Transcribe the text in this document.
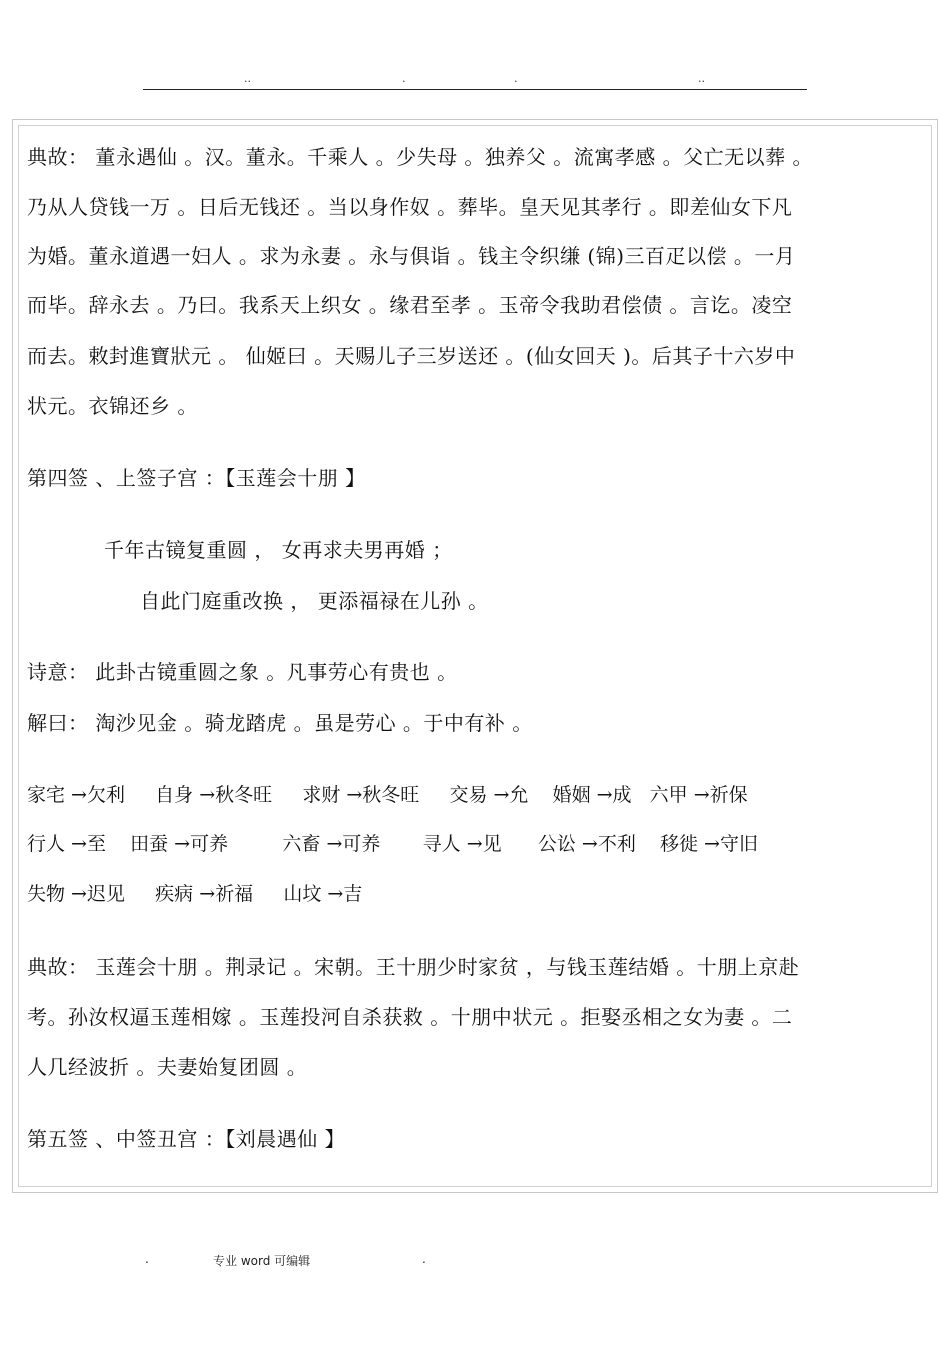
..	.	.	..
典故： 董永遇仙 。汉。董永。千乘人 。少失母 。独养父 。流寓孝感 。父亡无以葬 。
乃从人贷钱一万 。日后无钱还 。当以身作奴 。葬毕。皇天见其孝行 。即差仙女下凡
为婚。董永道遇一妇人 。求为永妻 。永与俱诣 。钱主令织缣 (锦)三百疋以偿 。一月
而毕。辞永去 。乃曰。我系天上织女 。缘君至孝 。玉帝令我助君偿债 。言讫。凌空
而去。敕封進寶狀元 。 仙姬曰 。天赐儿子三岁送还 。(仙女回天 )。后其子十六岁中
状元。衣锦还乡 。
第四签 、上签子宫 ：【玉莲会十朋 】
千年古镜复重圆 ， 女再求夫男再婚 ；
自此门庭重改换 ， 更添福禄在儿孙 。
诗意： 此卦古镜重圆之象 。凡事劳心有贵也 。
解曰： 淘沙见金 。骑龙踏虎 。虽是劳心 。于中有补 。
家宅 →欠利     自身 →秋冬旺     求财 →秋冬旺     交易 →允    婚姻 →成   六甲 →祈保
行人 →至    田蚕 →可养         六畜 →可养       寻人 →见      公讼 →不利    移徙 →守旧
失物 →迟见     疾病 →祈福     山坟 →吉
典故： 玉莲会十朋 。荆录记 。宋朝。王十朋少时家贫 ，与钱玉莲结婚 。十朋上京赴
考。孙汝权逼玉莲相嫁 。玉莲投河自杀获救 。十朋中状元 。拒娶丞相之女为妻 。二
人几经波折 。夫妻始复团圆 。
第五签 、中签丑宫 ：【刘晨遇仙 】
.	专业 word 可编辑	.
